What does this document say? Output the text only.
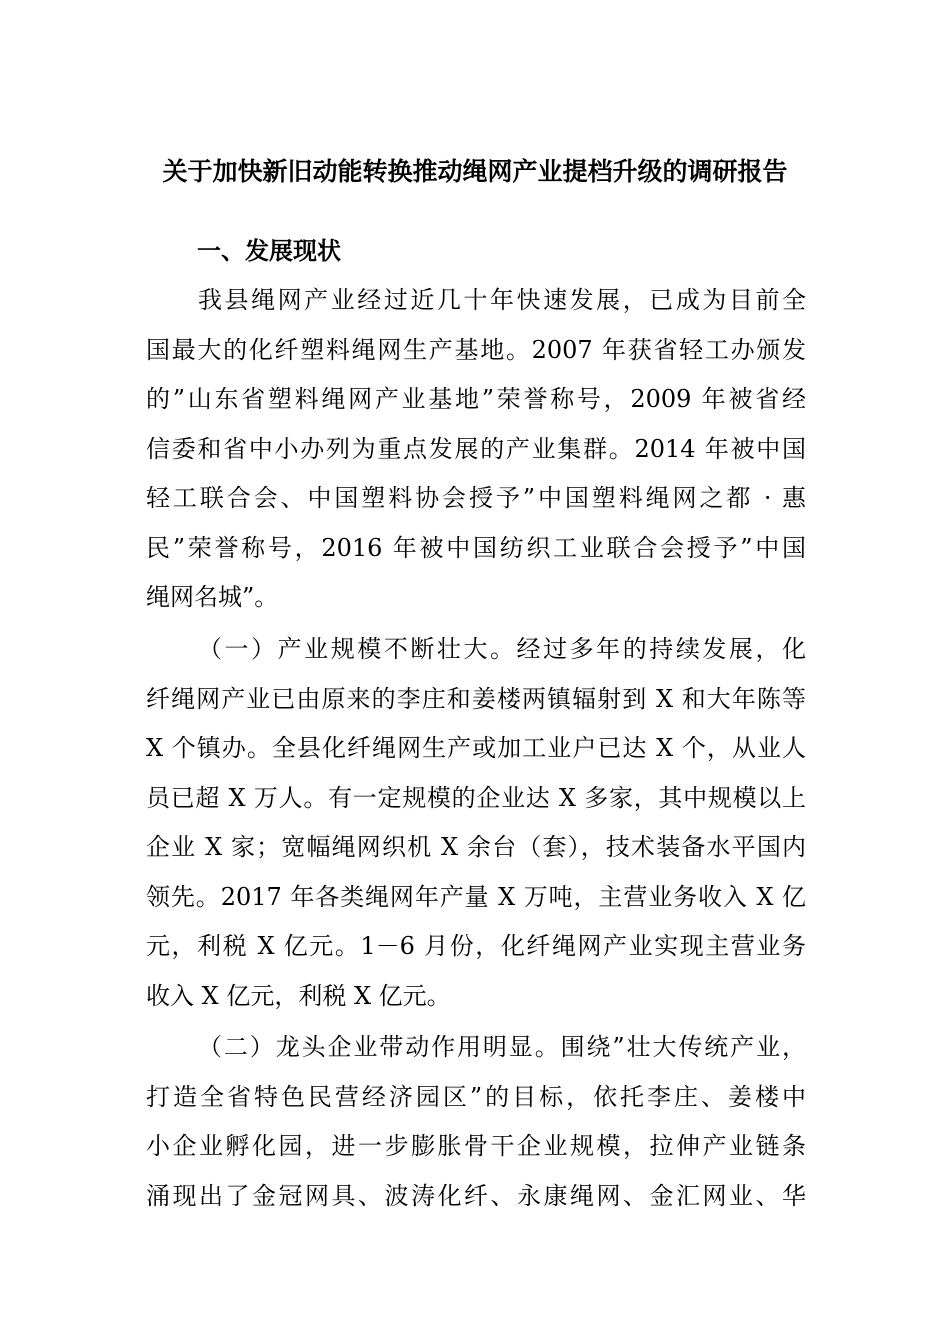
关于加快新旧动能转换推动绳网产业提档升级的调研报告
一、发展现状
我县绳网产业经过近几十年快速发展，已成为目前全
国最大的化纤塑料绳网生产基地。2007 年获省轻工办颁发
的”山东省塑料绳网产业基地”荣誉称号，2009 年被省经
信委和省中小办列为重点发展的产业集群。2014 年被中国
轻工联合会、中国塑料协会授予”中国塑料绳网之都 · 惠
民”荣誉称号，2016 年被中国纺织工业联合会授予”中国
绳网名城”。
（一）产业规模不断壮大。经过多年的持续发展，化
纤绳网产业已由原来的李庄和姜楼两镇辐射到 X 和大年陈等
X 个镇办。全县化纤绳网生产或加工业户已达 X 个，从业人
员已超 X 万人。有一定规模的企业达 X 多家，其中规模以上
企业 X 家；宽幅绳网织机 X 余台（套），技术装备水平国内
领先。2017 年各类绳网年产量 X 万吨，主营业务收入 X 亿
元，利税 X 亿元。1－6 月份，化纤绳网产业实现主营业务
收入 X 亿元，利税 X 亿元。
（二）龙头企业带动作用明显。围绕”壮大传统产业，
打造全省特色民营经济园区”的目标，依托李庄、姜楼中
小企业孵化园，进一步膨胀骨干企业规模，拉伸产业链条
涌现出了金冠网具、波涛化纤、永康绳网、金汇网业、华
